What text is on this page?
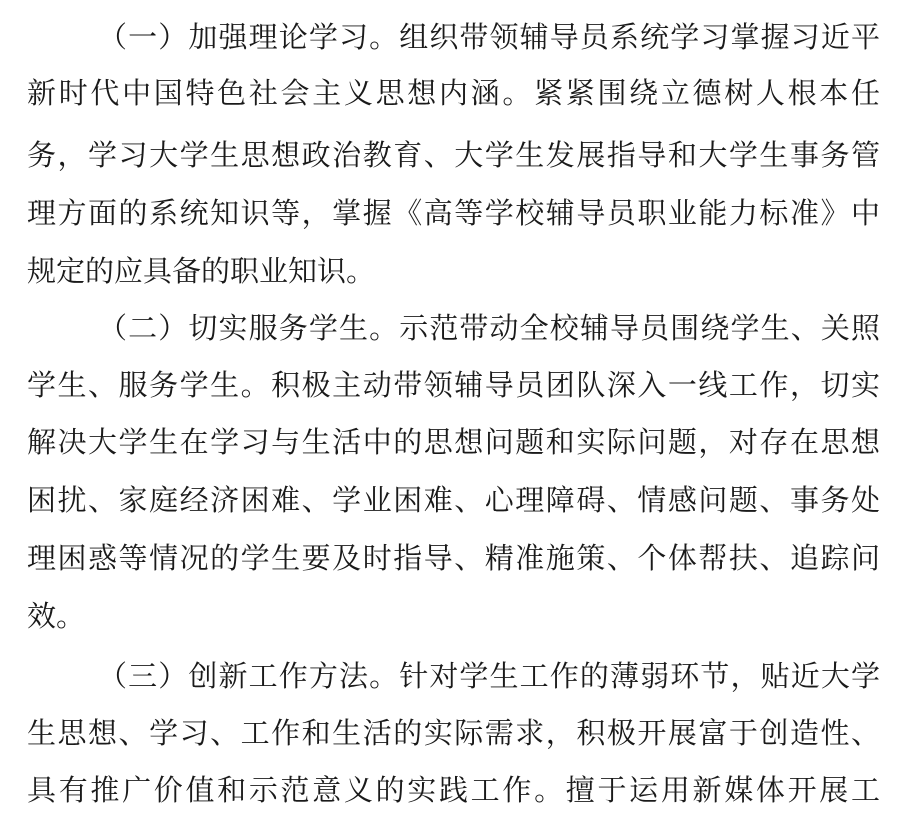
（一）加强理论学习。组织带领辅导员系统学习掌握习近平
新时代中国特色社会主义思想内涵。紧紧围绕立德树人根本任
务，学习大学生思想政治教育、大学生发展指导和大学生事务管
理方面的系统知识等，掌握《高等学校辅导员职业能力标准》中
规定的应具备的职业知识。
（二）切实服务学生。示范带动全校辅导员围绕学生、关照
学生、服务学生。积极主动带领辅导员团队深入一线工作，切实
解决大学生在学习与生活中的思想问题和实际问题，对存在思想
困扰、家庭经济困难、学业困难、心理障碍、情感问题、事务处
理困惑等情况的学生要及时指导、精准施策、个体帮扶、追踪问
效。
（三）创新工作方法。针对学生工作的薄弱环节，贴近大学
生思想、学习、工作和生活的实际需求，积极开展富于创造性、
具有推广价值和示范意义的实践工作。擅于运用新媒体开展工
